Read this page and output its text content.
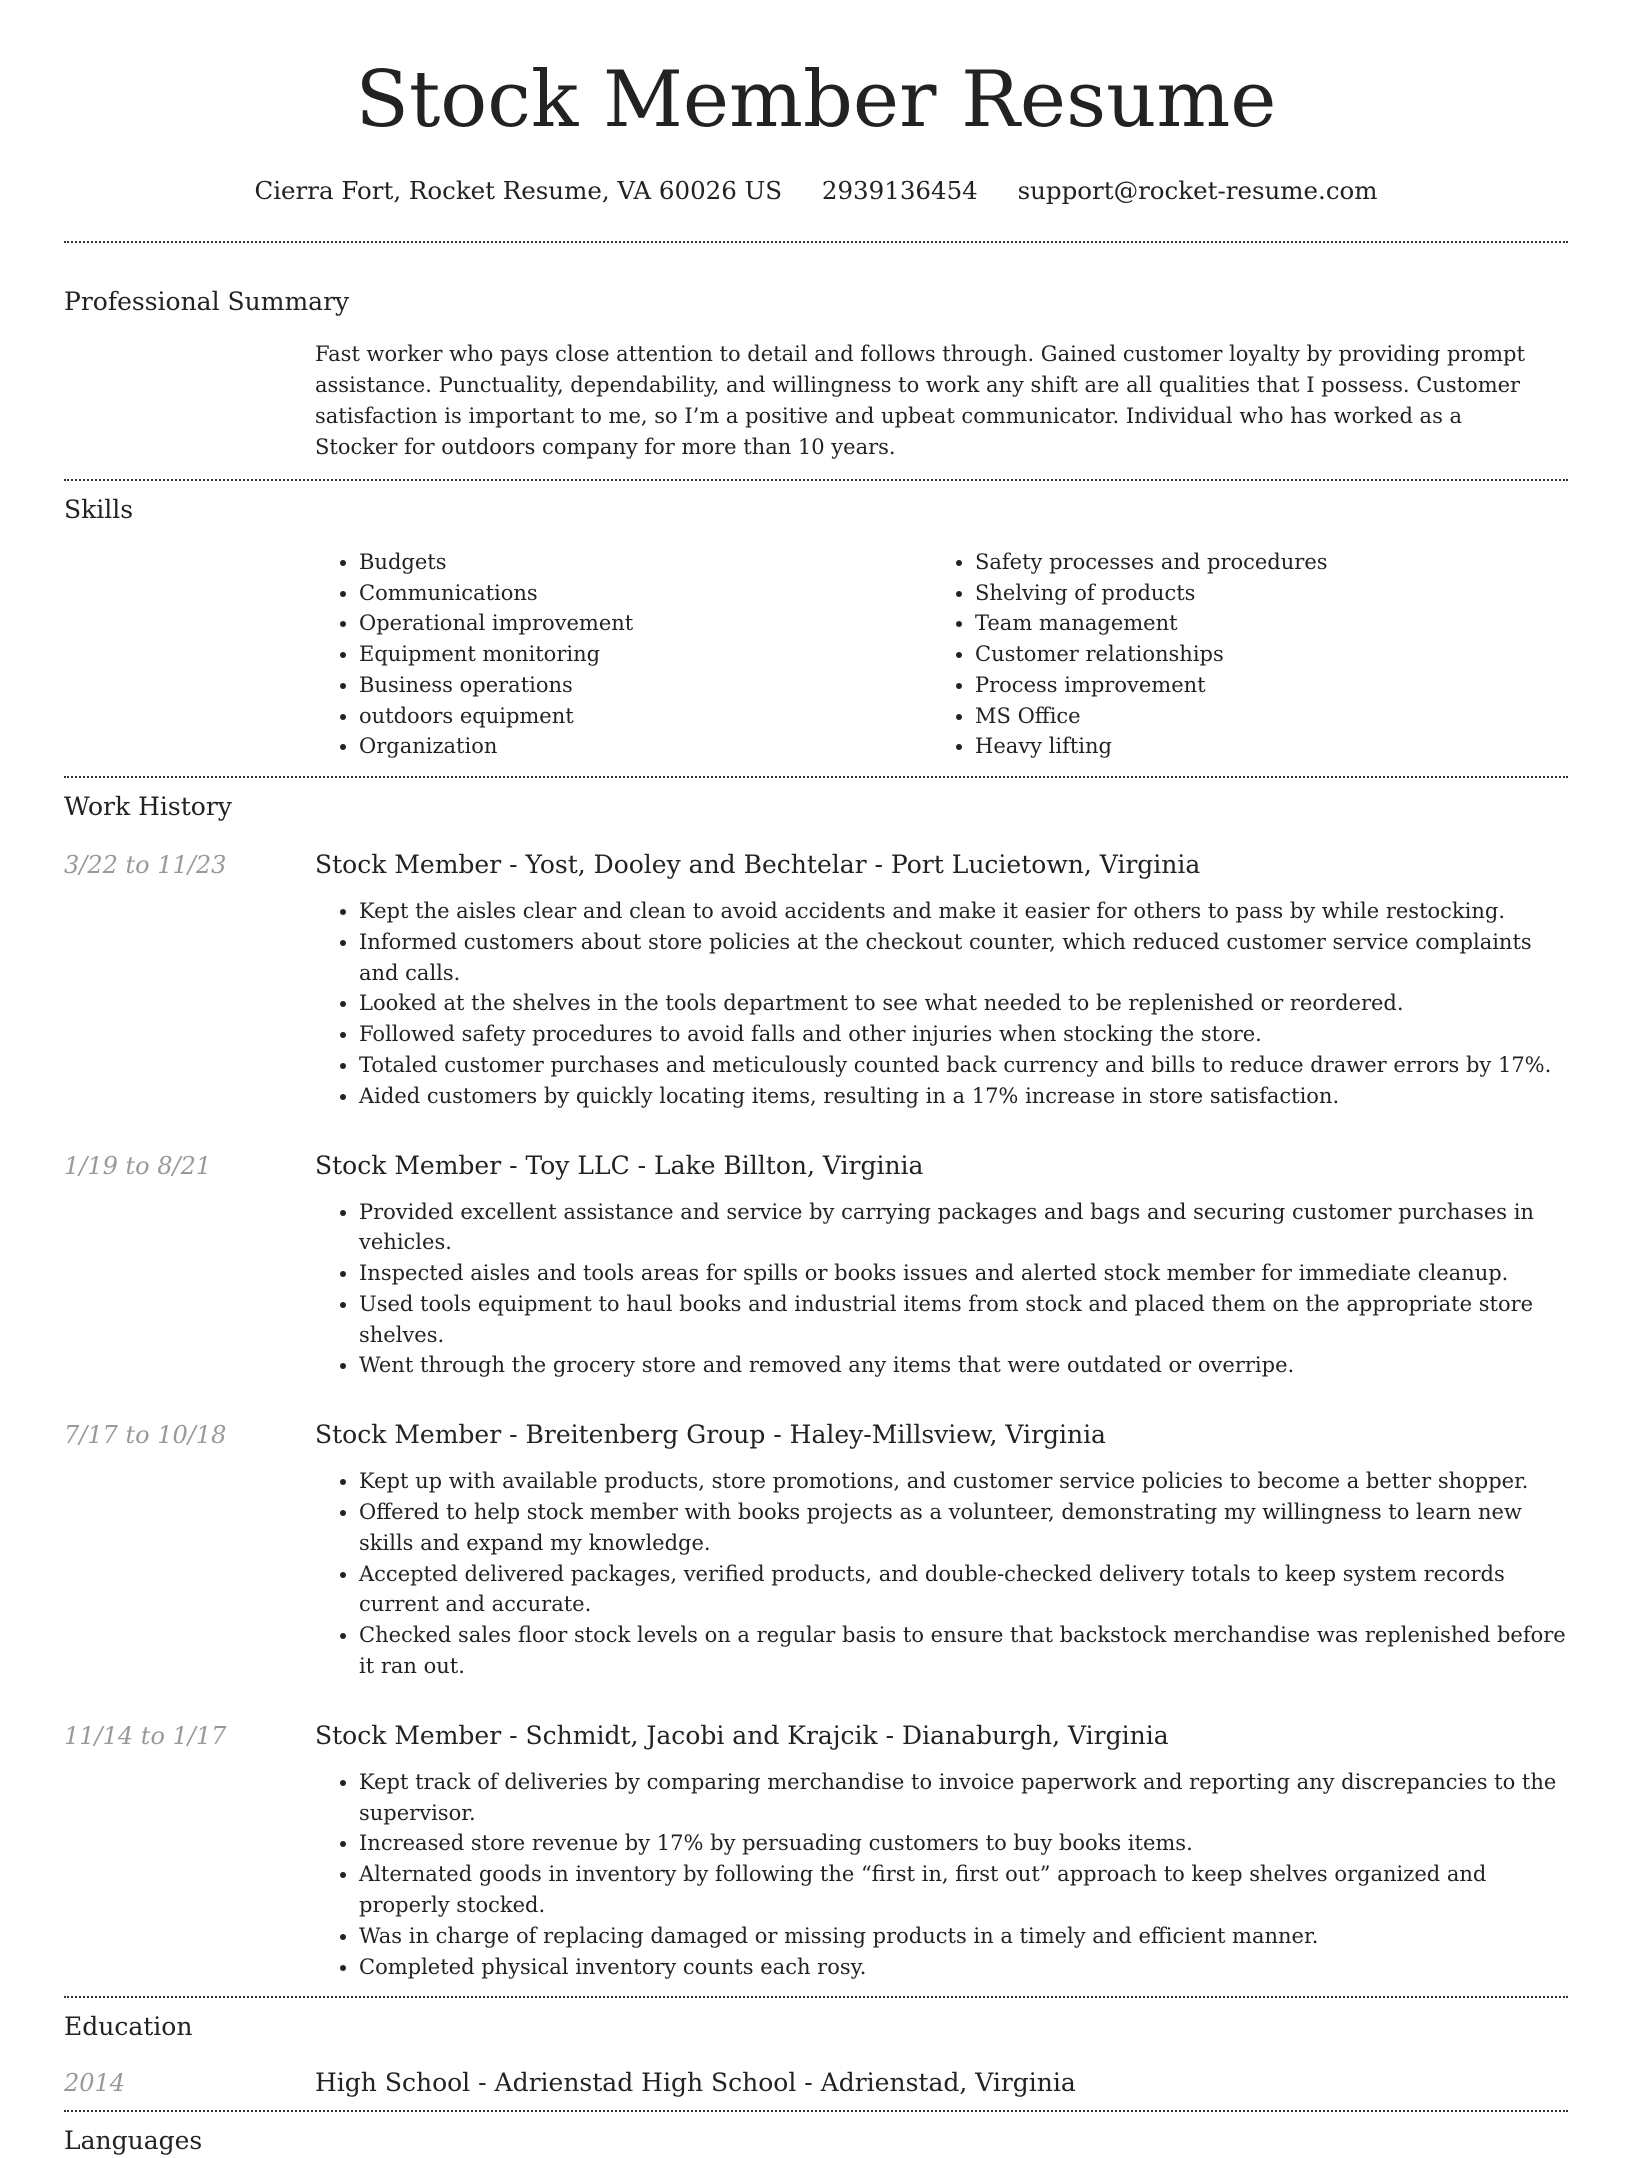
Stock Member Resume
Cierra Fort, Rocket Resume, VA 60026 US 2939136454 support@rocket-resume.com
Professional Summary
Fast worker who pays close attention to detail and follows through. Gained customer loyalty by providing prompt assistance. Punctuality, dependability, and willingness to work any shift are all qualities that I possess. Customer satisfaction is important to me, so I’m a positive and upbeat communicator. Individual who has worked as a Stocker for outdoors company for more than 10 years.
Skills
• Budgets
• Communications
• Operational improvement
• Equipment monitoring
• Business operations
• outdoors equipment
• Organization
• Safety processes and procedures
• Shelving of products
• Team management
• Customer relationships
• Process improvement
• MS Office
• Heavy lifting
Work History
3/22 to 11/23	Stock Member - Yost, Dooley and Bechtelar - Port Lucietown, Virginia
• Kept the aisles clear and clean to avoid accidents and make it easier for others to pass by while restocking.
• Informed customers about store policies at the checkout counter, which reduced customer service complaints and calls.
• Looked at the shelves in the tools department to see what needed to be replenished or reordered.
• Followed safety procedures to avoid falls and other injuries when stocking the store.
• Totaled customer purchases and meticulously counted back currency and bills to reduce drawer errors by 17%.
• Aided customers by quickly locating items, resulting in a 17% increase in store satisfaction.
1/19 to 8/21	Stock Member - Toy LLC - Lake Billton, Virginia
• Provided excellent assistance and service by carrying packages and bags and securing customer purchases in vehicles.
• Inspected aisles and tools areas for spills or books issues and alerted stock member for immediate cleanup.
• Used tools equipment to haul books and industrial items from stock and placed them on the appropriate store shelves.
• Went through the grocery store and removed any items that were outdated or overripe.
7/17 to 10/18	Stock Member - Breitenberg Group - Haley-Millsview, Virginia
• Kept up with available products, store promotions, and customer service policies to become a better shopper.
• Offered to help stock member with books projects as a volunteer, demonstrating my willingness to learn new skills and expand my knowledge.
• Accepted delivered packages, verified products, and double-checked delivery totals to keep system records current and accurate.
• Checked sales floor stock levels on a regular basis to ensure that backstock merchandise was replenished before it ran out.
11/14 to 1/17	Stock Member - Schmidt, Jacobi and Krajcik - Dianaburgh, Virginia
• Kept track of deliveries by comparing merchandise to invoice paperwork and reporting any discrepancies to the supervisor.
• Increased store revenue by 17% by persuading customers to buy books items.
• Alternated goods in inventory by following the “first in, first out” approach to keep shelves organized and properly stocked.
• Was in charge of replacing damaged or missing products in a timely and efficient manner.
• Completed physical inventory counts each rosy.
Education
2014	High School - Adrienstad High School - Adrienstad, Virginia
Languages
